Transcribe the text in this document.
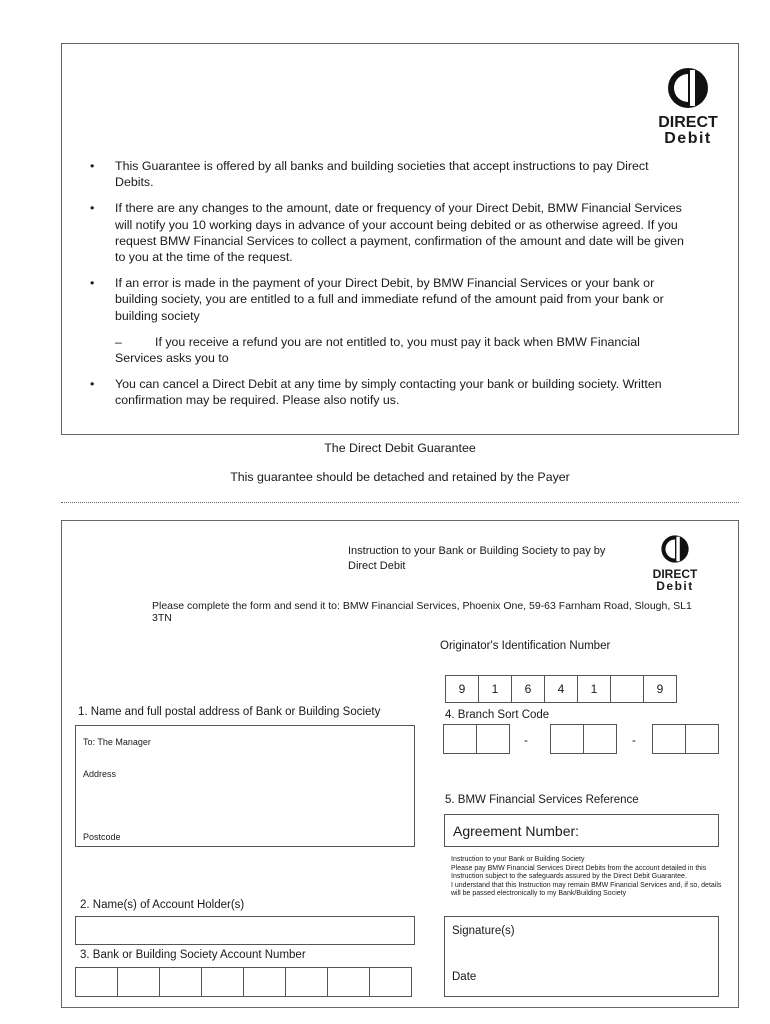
DIRECT
Debit
• This Guarantee is offered by all banks and building societies that accept instructions to pay Direct Debits.
• If there are any changes to the amount, date or frequency of your Direct Debit, BMW Financial Services will notify you 10 working days in advance of your account being debited or as otherwise agreed. If you request BMW Financial Services to collect a payment, confirmation of the amount and date will be given to you at the time of the request.
• If an error is made in the payment of your Direct Debit, by BMW Financial Services or your bank or building society, you are entitled to a full and immediate refund of the amount paid from your bank or building society
–	If you receive a refund you are not entitled to, you must pay it back when BMW Financial Services asks you to
• You can cancel a Direct Debit at any time by simply contacting your bank or building society. Written confirmation may be required. Please also notify us.
The Direct Debit Guarantee
This guarantee should be detached and retained by the Payer
Instruction to your Bank or Building Society to pay by Direct Debit
DIRECT
Debit
Please complete the form and send it to: BMW Financial Services, Phoenix One, 59-63 Farnham Road, Slough, SL1 3TN
Originator's Identification Number
9	1	6	4	1	9
1. Name and full postal address of Bank or Building Society
To: The Manager
Address
Postcode
4. Branch Sort Code
-	-
5. BMW Financial Services Reference
Agreement Number:
Instruction to your Bank or Building Society
Please pay BMW Financial Services Direct Debits from the account detailed in this Instruction subject to the safeguards assured by the Direct Debit Guarantee.
I understand that this Instruction may remain BMW Financial Services and, if so, details will be passed electronically to my Bank/Building Society
2. Name(s) of Account Holder(s)
Signature(s)
Date
3. Bank or Building Society Account Number
